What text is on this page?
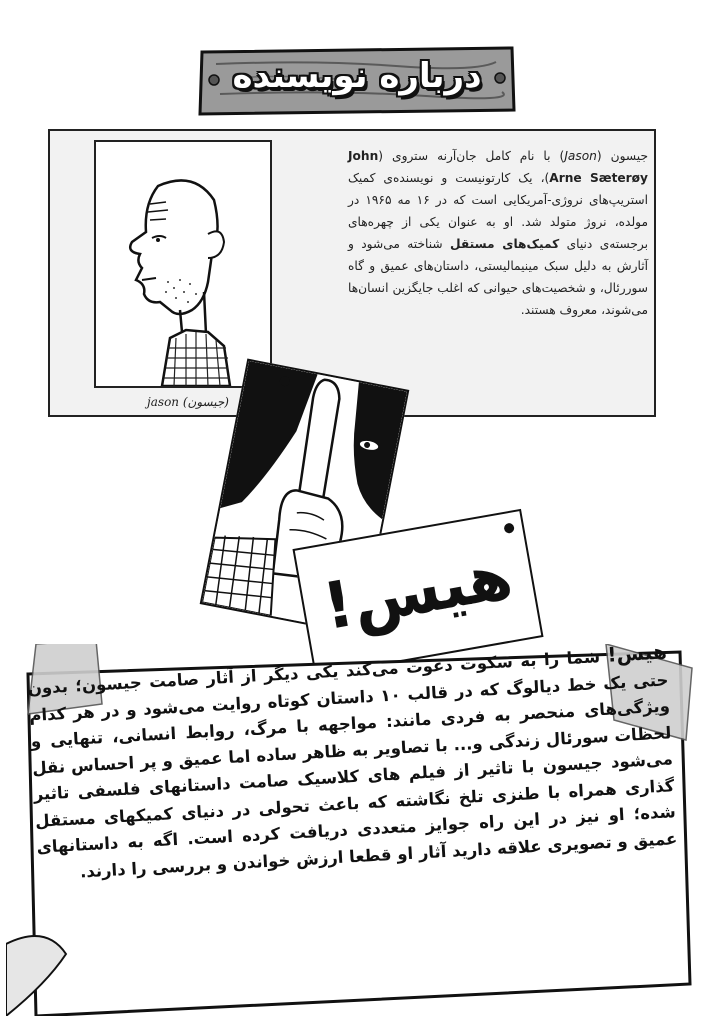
درباره نویسنده
jason (جیسون)
جیسون (Jason) با نام کامل جان‌آرنه ستروی (John Arne Sæterøy)، یک کارتونیست و نویسنده‌ی کمیک استریپ‌های نروژی-آمریکایی است که در ۱۶ مه ۱۹۶۵ در مولده، نروژ متولد شد. او به عنوان یکی از چهره‌های برجسته‌ی دنیای کمیک‌های مستقل شناخته می‌شود و آثارش به دلیل سبک مینیمالیستی، داستان‌های عمیق و گاه سوررئال، و شخصیت‌های حیوانی که اغلب جایگزین انسان‌ها می‌شوند، معروف هستند.
هیس!
هیس! شما را به سکوت دعوت می‌کند یکی دیگر از آثار صامت جیسون؛ بدون حتی یک خط دیالوگ که در قالب ۱۰ داستان کوتاه روایت می‌شود و در هر کدام ویژگی‌های منحصر به فردی مانند: مواجهه با مرگ، روابط انسانی، تنهایی و لحظات سورئال زندگی و... با تصاویر به ظاهر ساده اما عمیق و پر احساس نقل می‌شود جیسون با تاثیر از فیلم های کلاسیک صامت داستانهای فلسفی تاثیر گذاری همراه با طنزی تلخ نگاشته که باعث تحولی در دنیای کمیکهای مستقل شده؛ او نیز در این راه جوایز متعددی دریافت کرده است. اگه به داستانهای عمیق و تصویری علاقه دارید آثار او قطعا ارزش خواندن و بررسی را دارند.
